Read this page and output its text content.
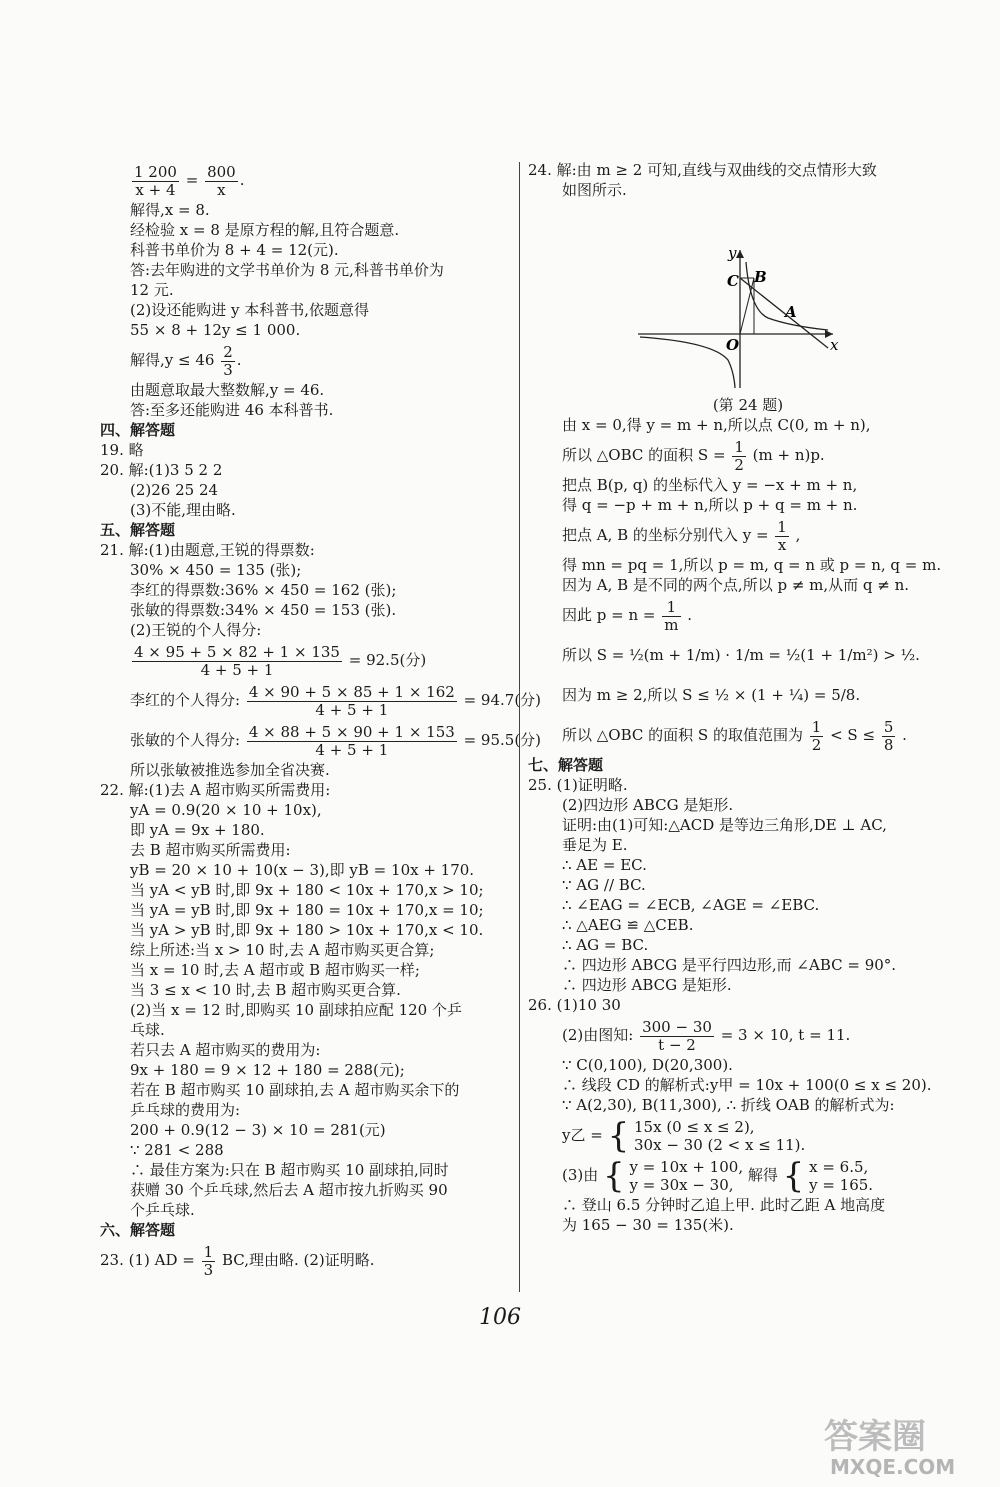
$\frac{1 200}{x + 4} = \frac{800}{x}$ .
解得,x = 8.
经检验 x = 8 是原方程的解,且符合题意.
科普书单价为 8 + 4 = 12(元).
答:去年购进的文学书单价为 8 元,科普书单价为
12 元.
(2)设还能购进 y 本科普书,依题意得
55 × 8 + 12y ≤ 1 000.
解得$,y \le 46 \frac{2}{3}$ .
由题意取最大整数解,y = 46.
答:至多还能购进 46 本科普书.
四、解答题
19. 略
20. 解:(1)3 5 2 2
(2)26 25 24
(3)不能,理由略.
五、解答题
21. 解:(1)由题意,王锐的得票数:
30% × 450 = 135 (张);
李红的得票数:36% × 450 = 162 (张);
张敏的得票数:34% × 450 = 153 (张).
(2)王锐的个人得分:
$\frac{4 \times 95 + 5 \times 82 + 1 \times 135}{4 + 5 + 1} = 92.5$(分)
李红的个人得分: $\frac{4 \times 90 + 5 \times 85 + 1 \times 162}{4 + 5 + 1} = 94.7$(分)
张敏的个人得分: $\frac{4 \times 88 + 5 \times 90 + 1 \times 153}{4 + 5 + 1} = 95.5$(分)
所以张敏被推选参加全省决赛.
22. 解:(1)去 A 超市购买所需费用:
yA = 0.9(20 × 10 + 10x),
即 yA = 9x + 180.
去 B 超市购买所需费用:
yB = 20 × 10 + 10(x − 3),即 yB = 10x + 170.
当 yA < yB 时,即 9x + 180 < 10x + 170,x > 10;
当 yA = yB 时,即 9x + 180 = 10x + 170,x = 10;
当 yA > yB 时,即 9x + 180 > 10x + 170,x < 10.
综上所述:当 x > 10 时,去 A 超市购买更合算;
当 x = 10 时,去 A 超市或 B 超市购买一样;
当 3 ≤ x < 10 时,去 B 超市购买更合算.
(2)当 x = 12 时,即购买 10 副球拍应配 120 个乒
乓球.
若只去 A 超市购买的费用为:
9x + 180 = 9 × 12 + 180 = 288(元);
若在 B 超市购买 10 副球拍,去 A 超市购买余下的
乒乓球的费用为:
200 + 0.9(12 − 3) × 10 = 281(元)
∵ 281 < 288
∴ 最佳方案为:只在 B 超市购买 10 副球拍,同时
获赠 30 个乒乓球,然后去 A 超市按九折购买 90
个乒乓球.
六、解答题
23. (1) AD = $\frac{1}{3}$ BC,理由略. (2)证明略.
24. 解:由 m ≥ 2 可知,直线与双曲线的交点情形大致
如图所示.
y
x
O
A
B
C
(第 24 题)
由 x = 0,得 y = m + n,所以点 C(0, m + n),
所以 △OBC 的面积 $S = \frac{1}{2} (m + n)p$.
把点 B(p, q) 的坐标代入 y = −x + m + n,
得 q = −p + m + n,所以 p + q = m + n.
把点 A, B 的坐标分别代入 $y = \frac{1}{x}$ ,
得 mn = pq = 1,所以 p = m, q = n 或 p = n, q = m.
因为 A, B 是不同的两个点,所以 p ≠ m,从而 q ≠ n.
因此 $p = n = \frac{1}{m}$ .
所以 S = ½(m + 1/m) · 1/m = ½(1 + 1/m²) > ½.
因为 m ≥ 2,所以 S ≤ ½ × (1 + ¼) = 5/8.
所以 △OBC 的面积 S 的取值范围为 $\frac{1}{2} < S \le \frac{5}{8}$ .
七、解答题
25. (1)证明略.
(2)四边形 ABCG 是矩形.
证明:由(1)可知:△ACD 是等边三角形,DE ⊥ AC,
垂足为 E.
∴ AE = EC.
∵ AG // BC.
∴ ∠EAG = ∠ECB, ∠AGE = ∠EBC.
∴ △AEG ≌ △CEB.
∴ AG = BC.
∴ 四边形 ABCG 是平行四边形,而 ∠ABC = 90°.
∴ 四边形 ABCG 是矩形.
26. (1)10 30
(2)由图知: $\frac{300 - 30}{t - 2} = 3 \times 10$, t = 11.
∵ C(0,100), D(20,300).
∴ 线段 CD 的解析式:y甲 = 10x + 100(0 ≤ x ≤ 20).
∵ A(2,30), B(11,300), ∴ 折线 OAB 的解析式为:
y乙 = { 15x (0 ≤ x ≤ 2),
30x − 30 (2 < x ≤ 11).
(3)由 { y = 10x + 100,
y = 30x − 30,
解得 { x = 6.5,
y = 165.
∴ 登山 6.5 分钟时乙追上甲. 此时乙距 A 地高度
为 165 − 30 = 135(米).
106
答案圈
MXQE.COM
